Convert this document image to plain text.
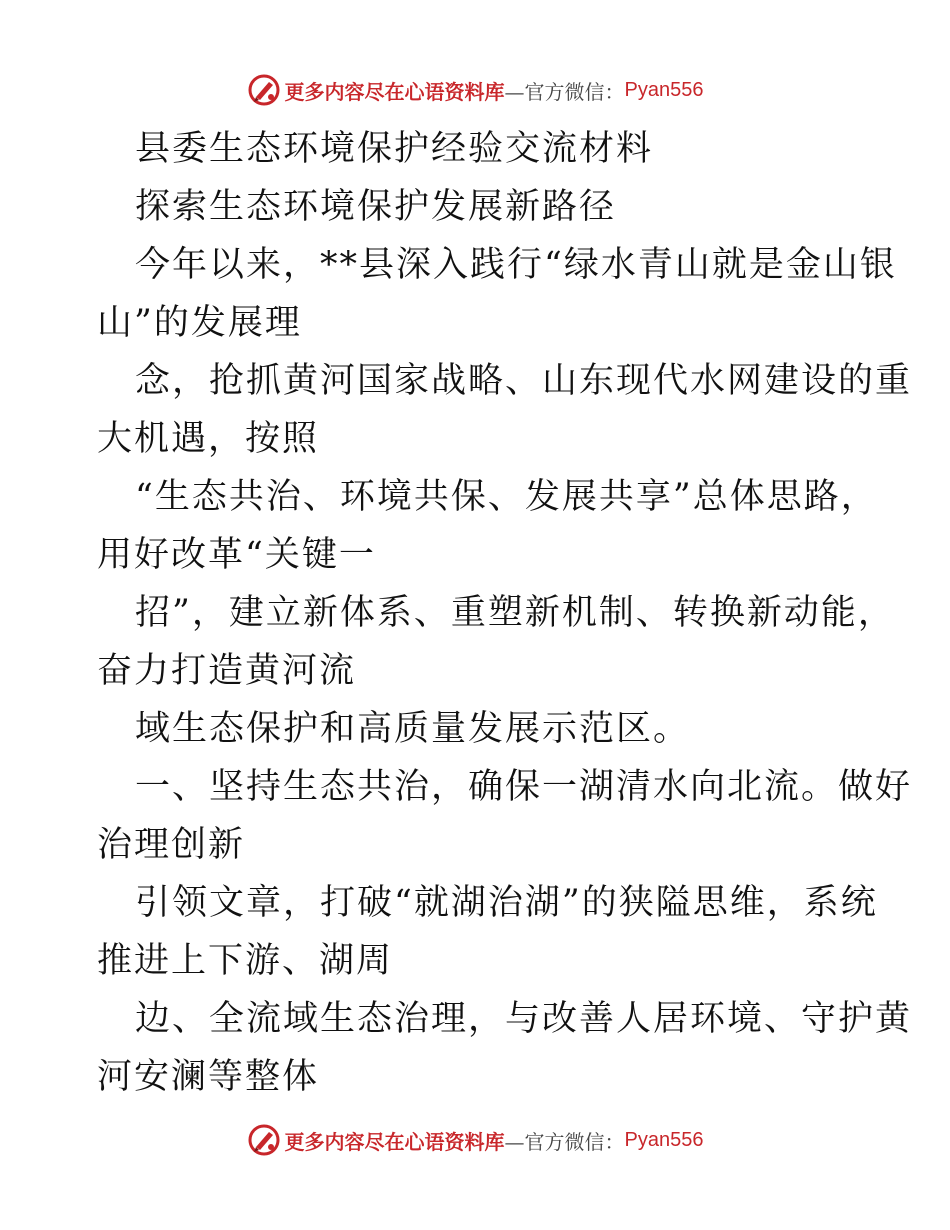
更多内容尽在心语资料库 —官方微信： Pyan556
县委生态环境保护经验交流材料
探索生态环境保护发展新路径
今年以来，**县深入践行“绿水青山就是金山银
山”的发展理
念，抢抓黄河国家战略、山东现代水网建设的重
大机遇，按照
“生态共治、环境共保、发展共享”总体思路，
用好改革“关键一
招”，建立新体系、重塑新机制、转换新动能，
奋力打造黄河流
域生态保护和高质量发展示范区。
一、坚持生态共治，确保一湖清水向北流。做好
治理创新
引领文章，打破“就湖治湖”的狭隘思维，系统
推进上下游、湖周
边、全流域生态治理，与改善人居环境、守护黄
河安澜等整体
更多内容尽在心语资料库 —官方微信： Pyan556
